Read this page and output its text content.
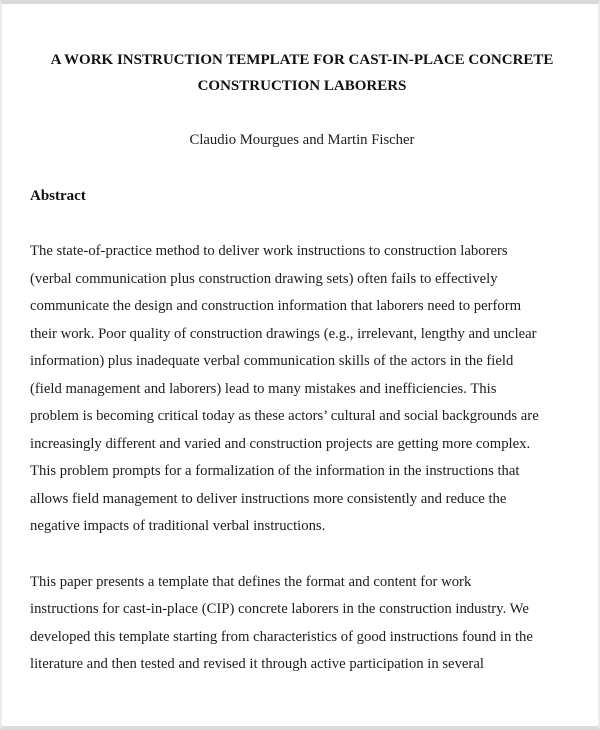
A WORK INSTRUCTION TEMPLATE FOR CAST-IN-PLACE CONCRETE
CONSTRUCTION LABORERS
Claudio Mourgues and Martin Fischer
Abstract
The state-of-practice method to deliver work instructions to construction laborers
(verbal communication plus construction drawing sets) often fails to effectively
communicate the design and construction information that laborers need to perform
their work. Poor quality of construction drawings (e.g., irrelevant, lengthy and unclear
information) plus inadequate verbal communication skills of the actors in the field
(field management and laborers) lead to many mistakes and inefficiencies. This
problem is becoming critical today as these actors’ cultural and social backgrounds are
increasingly different and varied and construction projects are getting more complex.
This problem prompts for a formalization of the information in the instructions that
allows field management to deliver instructions more consistently and reduce the
negative impacts of traditional verbal instructions.
This paper presents a template that defines the format and content for work
instructions for cast-in-place (CIP) concrete laborers in the construction industry. We
developed this template starting from characteristics of good instructions found in the
literature and then tested and revised it through active participation in several
